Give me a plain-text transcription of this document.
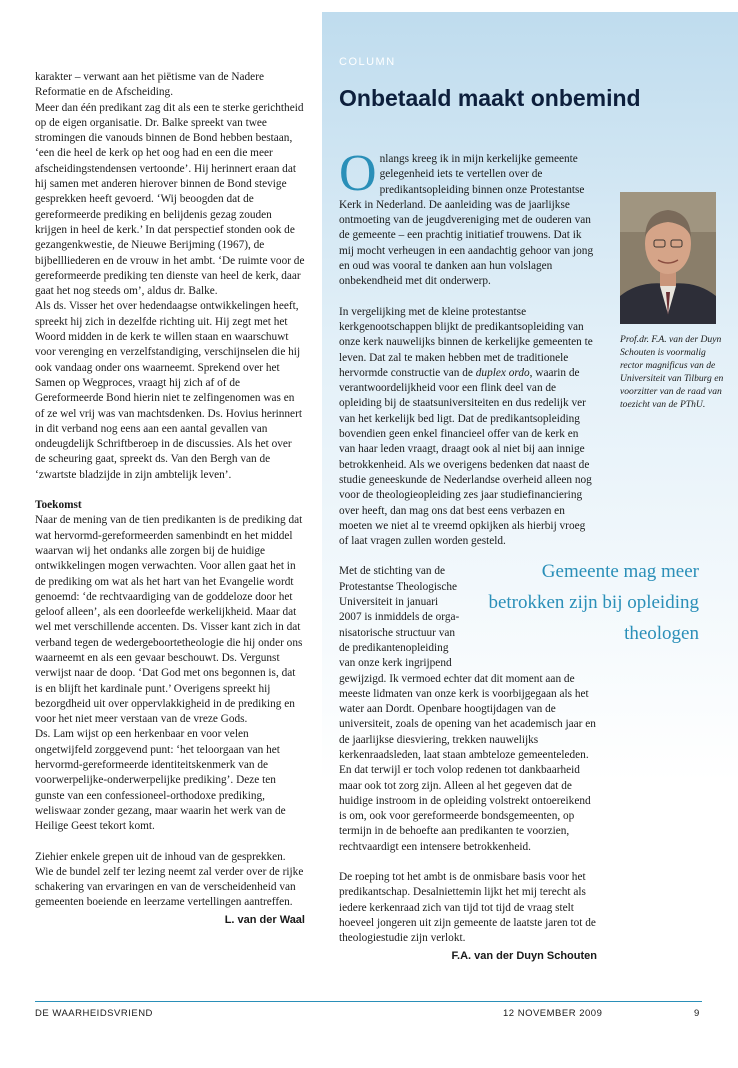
karakter – verwant aan het piëtisme van de Nadere Reformatie en de Afscheiding.

Meer dan één predikant zag dit als een te sterke gerichtheid op de eigen organisatie. Dr. Balke spreekt van twee stromingen die vanouds binnen de Bond hebben bestaan, ‘een die heel de kerk op het oog had en een die meer afscheidingstendensen vertoonde’. Hij herinnert eraan dat hij samen met anderen hierover binnen de Bond stevige gesprekken heeft gevoerd. ‘Wij beoogden dat de gereformeerde prediking en belijdenis gezag zouden krijgen in heel de kerk.’ In dat perspectief stonden ook de gezangenkwestie, de Nieuwe Berijming (1967), de bijbellliederen en de vrouw in het ambt. ‘De ruimte voor de gereformeerde prediking ten dienste van heel de kerk, daar gaat het nog steeds om’, aldus dr. Balke.

Als ds. Visser het over hedendaagse ontwikkelingen heeft, spreekt hij zich in dezelfde richting uit. Hij zegt met het Woord midden in de kerk te willen staan en waarschuwt voor verenging en verzelfstandiging, verschijnselen die hij ook vandaag onder ons waarneemt. Sprekend over het Samen op Wegproces, vraagt hij zich af of de Gereformeerde Bond hierin niet te zelfingenomen was en of ze wel vrij was van machtsdenken. Ds. Hovius herinnert in dit verband nog eens aan een aantal gevallen van ondeugdelijk Schriftberoep in de discussies. Als het over de scheuring gaat, spreekt ds. Van den Bergh van de ‘zwartste bladzijde in zijn ambtelijk leven’.

Toekomst

Naar de mening van de tien predikanten is de prediking dat wat hervormd-gereformeerden samenbindt en het middel waarvan wij het ondanks alle zorgen bij de huidige ontwikkelingen mogen verwachten. Voor allen gaat het in de prediking om wat als het hart van het Evangelie wordt genoemd: ‘de rechtvaardiging van de goddeloze door het geloof alleen’, als een doorleefde werkelijkheid. Maar dat wel met verschillende accenten. Ds. Visser kant zich in dat verband tegen de wedergeboortetheologie die hij onder ons waarneemt en als een gevaar beschouwt. Ds. Vergunst verwijst naar de doop. ‘Dat God met ons begonnen is, dat is en blijft het kardinale punt.’ Overigens spreekt hij bezorgdheid uit over oppervlakkigheid in de prediking en voor het niet meer verstaan van de vreze Gods.

Ds. Lam wijst op een herkenbaar en voor velen ongetwijfeld zorggevend punt: ‘het teloorgaan van het hervormd-gereformeerde identiteitskenmerk van de voorwerpelijke-onderwerpelijke prediking’. Deze ten gunste van een confessioneel-orthodoxe prediking, weliswaar zonder gezang, maar waarin het werk van de Heilige Geest tekort komt.

Ziehier enkele grepen uit de inhoud van de gesprekken. Wie de bundel zelf ter lezing neemt zal verder over de rijke schakering van ervaringen en van de verscheidenheid van gemeenten boeiende en leerzame vertellingen aantreffen.

L. van der Waal

COLUMN
Onbetaald maakt onbemind

Onlangs kreeg ik in mijn kerkelijke gemeente gelegenheid iets te vertellen over de predikantsopleiding binnen onze Protestantse Kerk in Nederland. De aanleiding was de jaarlijkse ontmoeting van de jeugdvereniging met de ouderen van de gemeente – een prachtig initiatief trouwens. Dat ik mij mocht verheugen in een aandachtig gehoor van jong en oud was vooral te danken aan hun volslagen onbekendheid met dit onderwerp.

In vergelijking met de kleine protestantse kerkgenootschappen blijkt de predikantsopleiding van onze kerk nauwelijks binnen de kerkelijke gemeenten te leven. Dat zal te maken hebben met de traditionele hervormde constructie van de duplex ordo, waarin de verantwoordelijkheid voor een flink deel van de opleiding bij de staatsuniversiteiten en dus redelijk ver van het kerkelijk bed ligt. Dat de predikantsopleiding bovendien geen enkel financieel offer van de kerk en van haar leden vraagt, draagt ook al niet bij aan innige betrokkenheid. Als we overigens bedenken dat naast de studie geneeskunde de Nederlandse overheid alleen nog voor de theologieopleiding zes jaar studiefinanciering over heeft, dan mag ons dat best eens verbazen en moeten we niet al te vreemd opkijken als hierbij vroeg of laat vragen zullen worden gesteld.

Met de stichting van de
Protestantse Theologische
Universiteit in januari
2007 is inmiddels de orga-
nisatorische structuur van
de predikantenopleiding
van onze kerk ingrijpend
gewijzigd. Ik vermoed echter dat dit moment aan de meeste lidmaten van onze kerk is voorbijgegaan als het water aan Dordt. Openbare hoogtijdagen van de universiteit, zoals de opening van het academisch jaar en de jaarlijkse diesviering, trekken nauwelijks kerkenraadsleden, laat staan ambteloze gemeenteleden. En dat terwijl er toch volop redenen tot dankbaarheid maar ook tot zorg zijn. Alleen al het gegeven dat de huidige instroom in de opleiding volstrekt ontoereikend is om, ook voor gereformeerde bondsgemeenten, op termijn in de behoefte aan predikanten te voorzien, rechtvaardigt een intensere betrokkenheid.

De roeping tot het ambt is de onmisbare basis voor het predikantschap. Desalniettemin lijkt het mij terecht als iedere kerkenraad zich van tijd tot tijd de vraag stelt hoeveel jongeren uit zijn gemeente de laatste jaren tot de theologiestudie zijn verlokt.

F.A. van der Duyn Schouten

Prof.dr. F.A. van der Duyn Schouten is voormalig rector magnificus van de Universiteit van Tilburg en voorzitter van de raad van toezicht van de PThU.
Gemeente mag meer betrokken zijn bij opleiding theologen
DE WAARHEIDSVRIEND	12 NOVEMBER 2009	9
